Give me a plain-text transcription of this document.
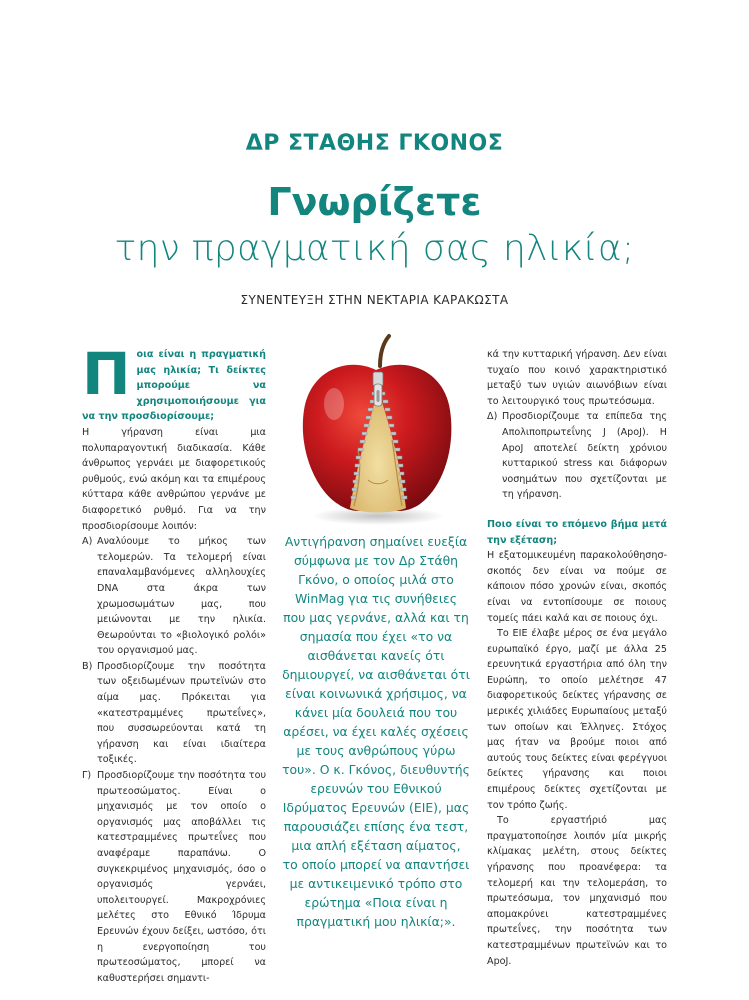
ΔΡ ΣΤΑΘΗΣ ΓΚΟΝΟΣ
Γνωρίζετε
την πραγματική σας ηλικία;
ΣΥΝΕΝΤΕΥΞΗ ΣΤΗΝ ΝΕΚΤΑΡΙΑ ΚΑΡΑΚΩΣΤΑ

Ποια είναι η πραγματική μας ηλικία; Τι δείκτες μπορούμε να χρησιμοποιήσουμε για να την προσδιορίσουμε;

Η γήρανση είναι μια πολυπαραγοντική διαδικασία. Κάθε άνθρωπος γερνάει με διαφορετικούς ρυθμούς, ενώ ακόμη και τα επιμέρους κύτταρα κάθε ανθρώπου γερνάνε με διαφορετικό ρυθμό. Για να την προσδιορίσουμε λοιπόν:

Α) Αναλύουμε το μήκος των τελομερών. Τα τελομερή είναι επαναλαμβανόμενες αλληλουχίες DNA στα άκρα των χρωμοσωμάτων μας, που μειώνονται με την ηλικία. Θεωρούνται το «βιολογικό ρολόι» του οργανισμού μας.
Β) Προσδιορίζουμε την ποσότητα των οξειδωμένων πρωτεϊνών στο αίμα μας. Πρόκειται για «κατεστραμμένες πρωτεΐνες», που συσσωρεύονται κατά τη γήρανση και είναι ιδιαίτερα τοξικές.
Γ) Προσδιορίζουμε την ποσότητα του πρωτεοσώματος. Είναι ο μηχανισμός με τον οποίο ο οργανισμός μας αποβάλλει τις κατεστραμμένες πρωτεΐνες που αναφέραμε παραπάνω. Ο συγκεκριμένος μηχανισμός, όσο ο οργανισμός γερνάει, υπολειτουργεί. Μακροχρόνιες μελέτες στο Εθνικό Ίδρυμα Ερευνών έχουν δείξει, ωστόσο, ότι η ενεργοποίηση του πρωτεοσώματος, μπορεί να καθυστερήσει σημαντι-
Αντιγήρανση σημαίνει ευεξία σύμφωνα με τον Δρ Στάθη Γκόνο, ο οποίος μιλά στο WinMag για τις συνήθειες που μας γερνάνε, αλλά και τη σημασία που έχει «το να αισθάνεται κανείς ότι δημιουργεί, να αισθάνεται ότι είναι κοινωνικά χρήσιμος, να κάνει μία δουλειά που του αρέσει, να έχει καλές σχέσεις με τους ανθρώπους γύρω του». Ο κ. Γκόνος, διευθυντής ερευνών του Εθνικού Ιδρύματος Ερευνών (ΕΙΕ), μας παρουσιάζει επίσης ένα τεστ, μια απλή εξέταση αίματος, το οποίο μπορεί να απαντήσει με αντικειμενικό τρόπο στο ερώτημα «Ποια είναι η πραγματική μου ηλικία;».

κά την κυτταρική γήρανση. Δεν είναι τυχαίο που κοινό χαρακτηριστικό μεταξύ των υγιών αιωνόβιων είναι το λειτουργικό τους πρωτεόσωμα.

Δ) Προσδιορίζουμε τα επίπεδα της Απολιποπρωτεΐνης J (ApoJ). Η ApoJ αποτελεί δείκτη χρόνιου κυτταρικού stress και διάφορων νοσημάτων που σχετίζονται με τη γήρανση.

Ποιο είναι το επόμενο βήμα μετά την εξέταση;

Η εξατομικευμένη παρακολούθησησ- σκοπός δεν είναι να πούμε σε κάποιον πόσο χρονών είναι, σκοπός είναι να εντοπίσουμε σε ποιους τομείς πάει καλά και σε ποιους όχι.

Το ΕΙΕ έλαβε μέρος σε ένα μεγάλο ευρωπαϊκό έργο, μαζί με άλλα 25 ερευνητικά εργαστήρια από όλη την Ευρώπη, το οποίο μελέτησε 47 διαφορετικούς δείκτες γήρανσης σε μερικές χιλιάδες Ευρωπαίους μεταξύ των οποίων και Έλληνες. Στόχος μας ήταν να βρούμε ποιοι από αυτούς τους δείκτες είναι φερέγγυοι δείκτες γήρανσης και ποιοι επιμέρους δείκτες σχετίζονται με τον τρόπο ζωής.

Το εργαστήριό μας πραγματοποίησε λοιπόν μία μικρής κλίμακας μελέτη, στους δείκτες γήρανσης που προανέφερα: τα τελομερή και την τελομεράση, το πρωτεόσωμα, τον μηχανισμό που απομακρύνει κατεστραμμένες πρωτεΐνες, την ποσότητα των κατεστραμμένων πρωτεϊνών και το ApoJ.
